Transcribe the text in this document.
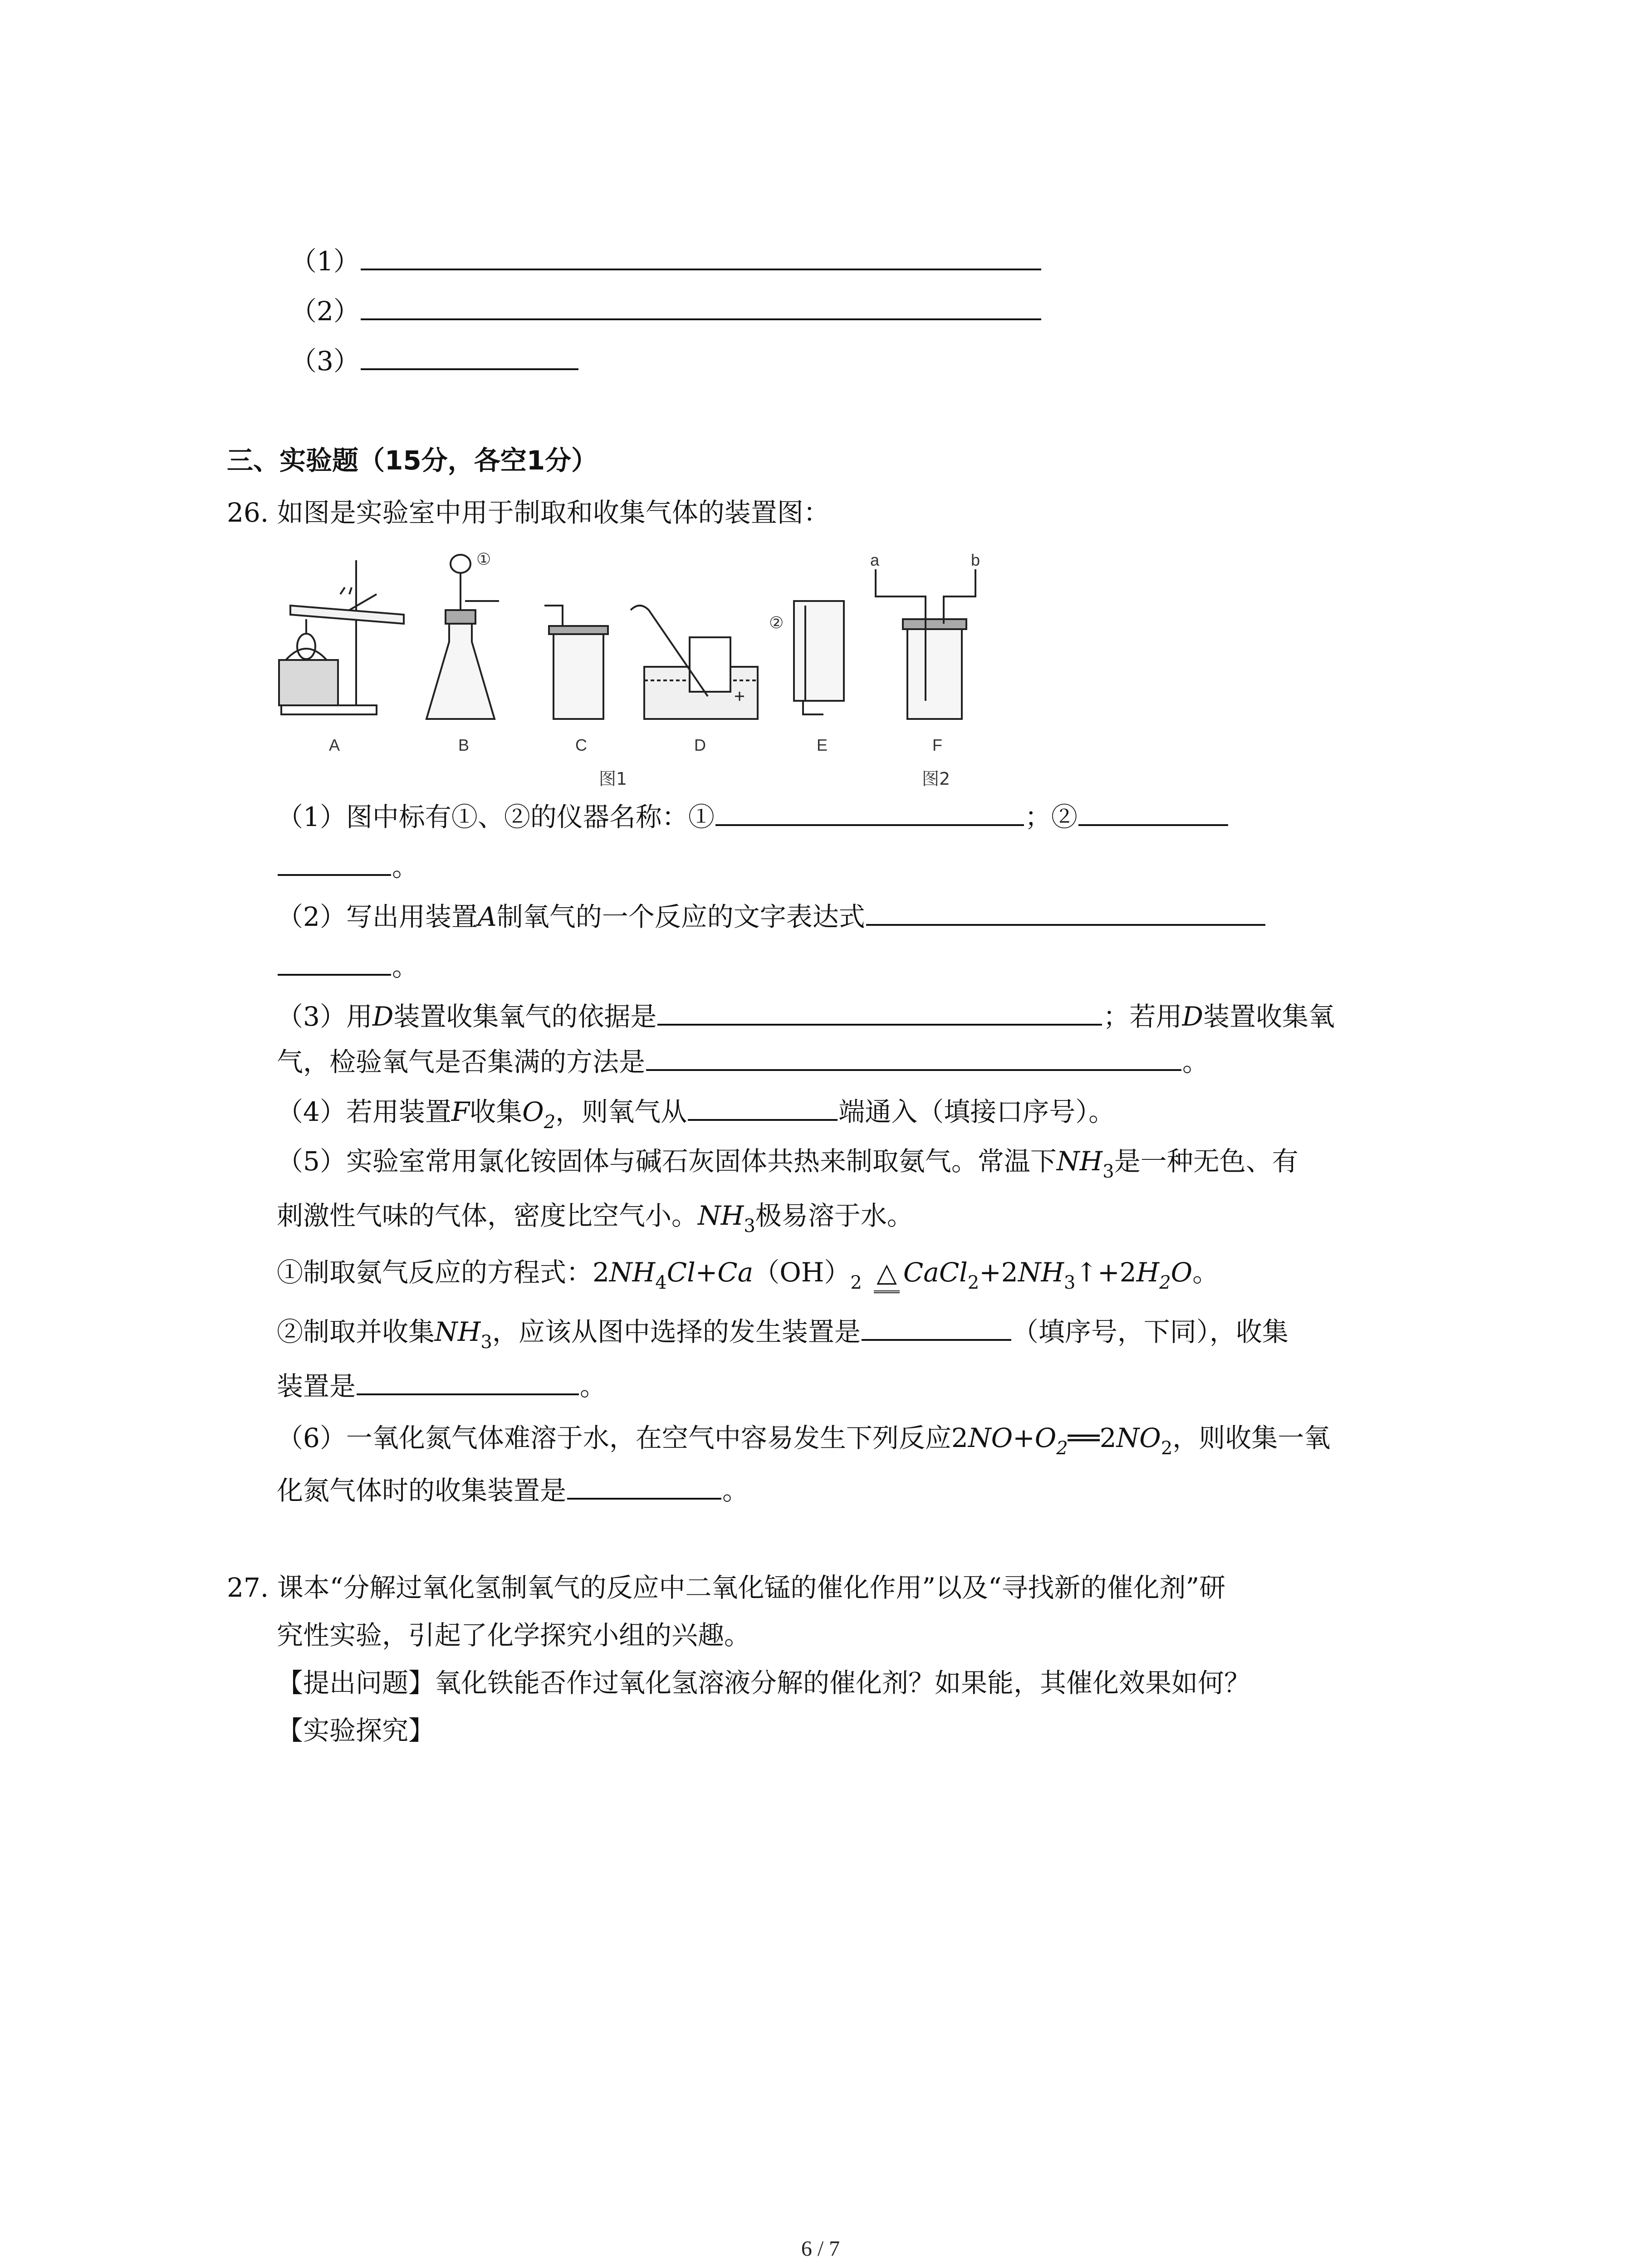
（1）
（2）
（3）
三、实验题（15分，各空1分）
26. 如图是实验室中用于制取和收集气体的装置图：
①
②
a	b
A	B	C	D	E	F
图1	图2
（1）图中标有①、②的仪器名称：①	；②
。
（2）写出用装置A制氧气的一个反应的文字表达式
。
（3）用D装置收集氧气的依据是	；若用D装置收集氧
气，检验氧气是否集满的方法是	。
（4）若用装置F收集$O_2$，则氧气从	端通入（填接口序号）。
（5）实验室常用氯化铵固体与碱石灰固体共热来制取氨气。常温下$NH_3$是一种无色、有
刺激性气味的气体，密度比空气小。$NH_3$极易溶于水。
①制取氨气反应的方程式：$2NH_4Cl+Ca(OH)_2$ △ $CaCl_2+2NH_3↑+2H_2O$。
②制取并收集$NH_3$，应该从图中选择的发生装置是	（填序号，下同），收集
装置是	。
（6）一氧化氮气体难溶于水，在空气中容易发生下列反应$2NO+O_2══2NO_2$，则收集一氧
化氮气体时的收集装置是	。
27. 课本“分解过氧化氢制氧气的反应中二氧化锰的催化作用”以及“寻找新的催化剂”研
究性实验，引起了化学探究小组的兴趣。
【提出问题】氧化铁能否作过氧化氢溶液分解的催化剂？如果能，其催化效果如何？
【实验探究】
6 / 7
